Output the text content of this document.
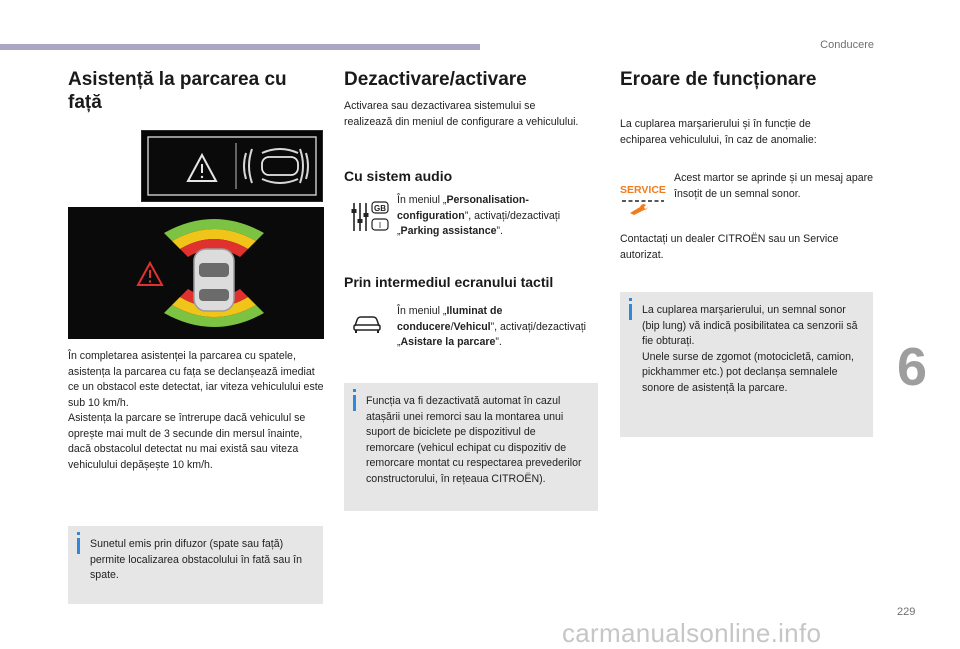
Conducere
6
229
carmanualsonline.info
Asistență la parcarea cu față

În completarea asistenței la parcarea cu spatele, asistența la parcarea cu fața se declanșează imediat ce un obstacol este detectat, iar viteza vehiculului este sub 10 km/h.
Asistența la parcare se întrerupe dacă vehiculul se oprește mai mult de 3 secunde din mersul înainte, dacă obstacolul detectat nu mai există sau viteza vehiculului depășește 10 km/h.

Sunetul emis prin difuzor (spate sau față) permite localizarea obstacolului în fată sau în spate.
Dezactivare/activare

Activarea sau dezactivarea sistemului se realizează din meniul de configurare a vehiculului.

Cu sistem audio
GB
I
În meniul „Personalisation-configuration”, activați/dezactivați „Parking assistance”.
Prin intermediul ecranului tactil
În meniul „Iluminat de conducere/Vehicul”, activați/dezactivați „Asistare la parcare”.
Funcția va fi dezactivată automat în cazul atașării unei remorci sau la montarea unui suport de biciclete pe dispozitivul de remorcare (vehicul echipat cu dispozitiv de remorcare montat cu respectarea prevederilor constructorului, în rețeaua CITROËN).
Eroare de funcționare

La cuplarea marșarierului și în funcție de echiparea vehiculului, în caz de anomalie:

SERVICE
Acest martor se aprinde și un mesaj apare însoțit de un semnal sonor.

Contactați un dealer CITROËN sau un Service autorizat.

La cuplarea marșarierului, un semnal sonor (bip lung) vă indică posibilitatea ca senzorii să fie obturați.
Unele surse de zgomot (motocicletă, camion, pickhammer etc.) pot declanșa semnalele sonore de asistență la parcare.
